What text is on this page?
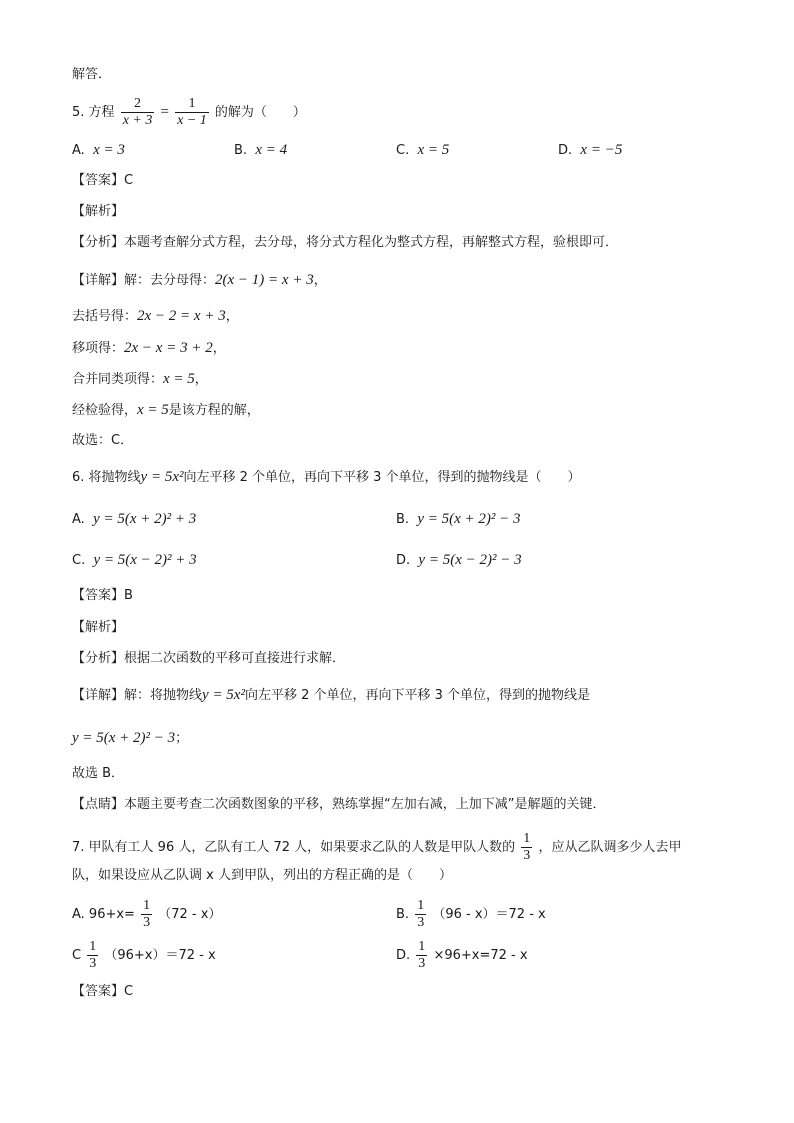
解答．
5. 方程 $\frac{2}{x + 3} = \frac{1}{x - 1}$ 的解为（　　）
A. x = 3	B. x = 4	C. x = 5	D. x = −5
【答案】C
【解析】
【分析】本题考查解分式方程，去分母，将分式方程化为整式方程，再解整式方程，验根即可．
【详解】解：去分母得：2(x − 1) = x + 3，
去括号得：2x − 2 = x + 3，
移项得：2x − x = 3 + 2，
合并同类项得：x = 5，
经检验得，x = 5是该方程的解，
故选：C．
6. 将抛物线y = 5x²向左平移 2 个单位，再向下平移 3 个单位，得到的抛物线是（　　）
A. y = 5(x + 2)² + 3	B. y = 5(x + 2)² − 3
C. y = 5(x − 2)² + 3	D. y = 5(x − 2)² − 3
【答案】B
【解析】
【分析】根据二次函数的平移可直接进行求解．
【详解】解：将抛物线y = 5x²向左平移 2 个单位，再向下平移 3 个单位，得到的抛物线是
y = 5(x + 2)² − 3；
故选 B．
【点睛】本题主要考查二次函数图象的平移，熟练掌握“左加右减，上加下减”是解题的关键．
7. 甲队有工人 96 人，乙队有工人 72 人，如果要求乙队的人数是甲队人数的 $\frac{1}{3}$ ，应从乙队调多少人去甲
队，如果设应从乙队调 x 人到甲队，列出的方程正确的是（　　）
A. $96+x= \frac{1}{3} (72 - x)$	B. $\frac{1}{3} (96 - x)=72 - x$
C $\frac{1}{3} (96+x)=72 - x$	D. $\frac{1}{3} \times 96+x=72 - x$
【答案】C
